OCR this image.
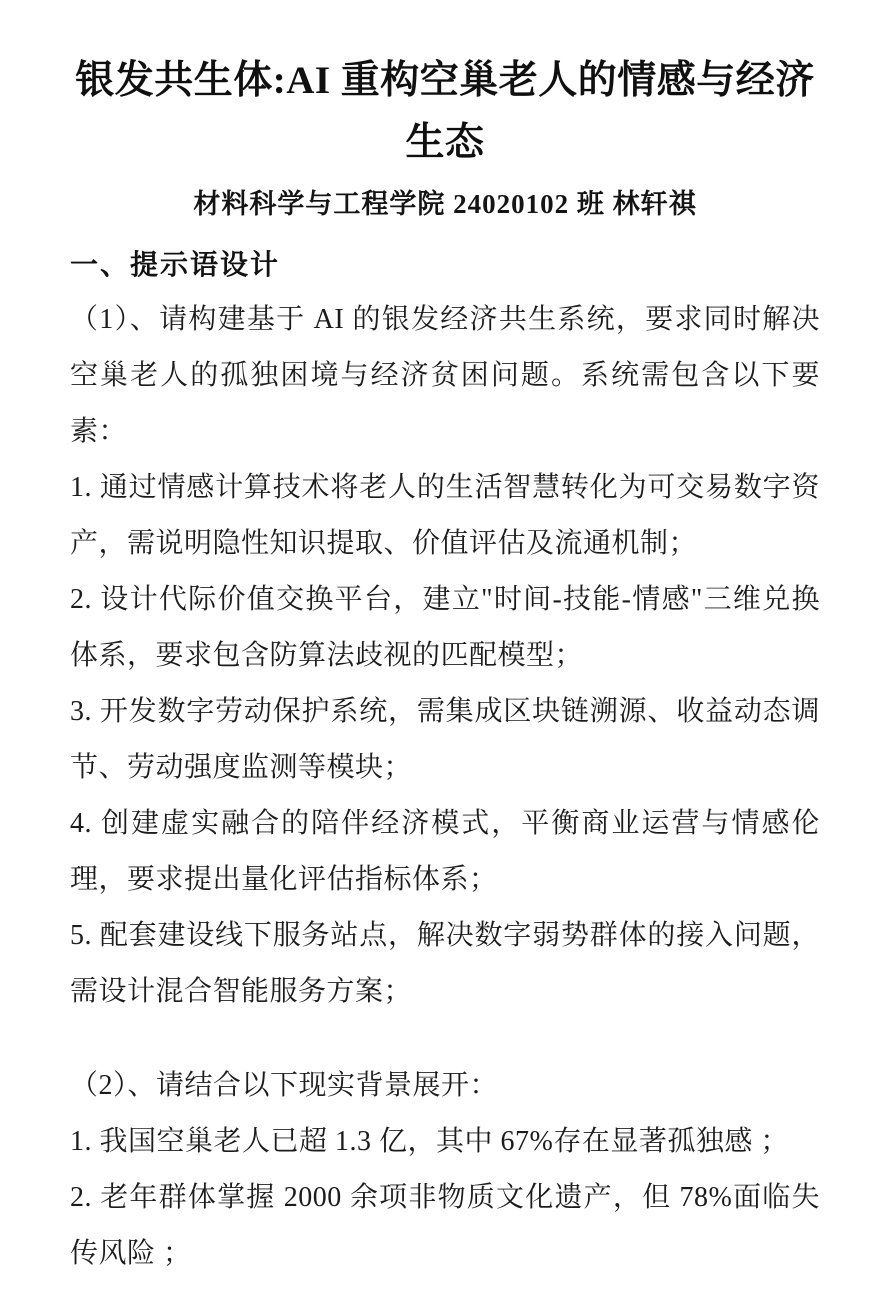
银发共生体:AI 重构空巢老人的情感与经济生态
材料科学与工程学院 24020102 班 林轩祺
一、提示语设计

（1）、请构建基于 AI 的银发经济共生系统，要求同时解决空巢老人的孤独困境与经济贫困问题。系统需包含以下要素：

1. 通过情感计算技术将老人的生活智慧转化为可交易数字资产，需说明隐性知识提取、价值评估及流通机制；

2. 设计代际价值交换平台，建立"时间-技能-情感"三维兑换体系，要求包含防算法歧视的匹配模型；

3. 开发数字劳动保护系统，需集成区块链溯源、收益动态调节、劳动强度监测等模块；

4. 创建虚实融合的陪伴经济模式，平衡商业运营与情感伦理，要求提出量化评估指标体系；

5. 配套建设线下服务站点，解决数字弱势群体的接入问题，需设计混合智能服务方案；

（2）、请结合以下现实背景展开：

1. 我国空巢老人已超 1.3 亿，其中 67%存在显著孤独感 ；

2. 老年群体掌握 2000 余项非物质文化遗产，但 78%面临失传风险 ；
